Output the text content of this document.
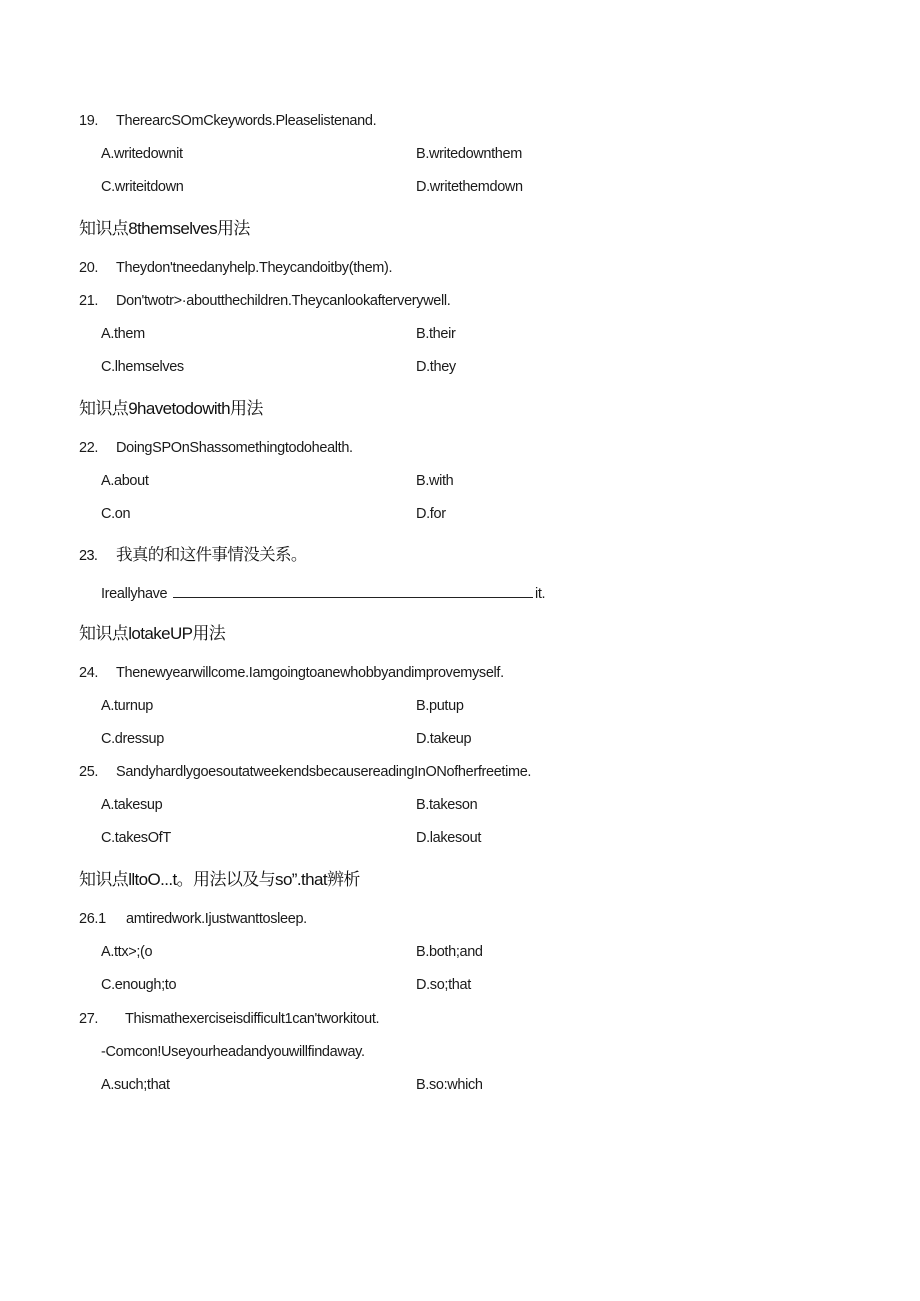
19. TherearcSOmCkeywords.Pleaselistenand.
A.writedownit	B.writedownthem
C.writeitdown	D.writethemdown
知识点8themselves用法
20. Theydon'tneedanyhelp.Theycandoitby(them).
21. Don'twotr>·aboutthechildren.Theycanlookafterverywell.
A.them	B.their
C.lhemselves	D.they
知识点9havetodowith用法
22. DoingSPOnShassomethingtodohealth.
A.about	B.with
C.on	D.for
23. 我真的和这件事情没关系。
Ireallyhave	it.
知识点lotakeUP用法
24. Thenewyearwillcome.Iamgoingtoanewhobbyandimprovemyself.
A.turnup	B.putup
C.dressup	D.takeup
25. SandyhardlygoesoutatweekendsbecausereadingInONofherfreetime.
A.takesup	B.takeson
C.takesOfT	D.lakesout
知识点lltoO...t。用法以及与so”.that辨析
26.1 amtiredwork.Ijustwanttosleep.
A.ttx>;(o	B.both;and
C.enough;to	D.so;that
27. Thismathexerciseisdifficult1can'tworkitout.
-Comcon!Useyourheadandyouwillfindaway.
A.such;that	B.so:which
